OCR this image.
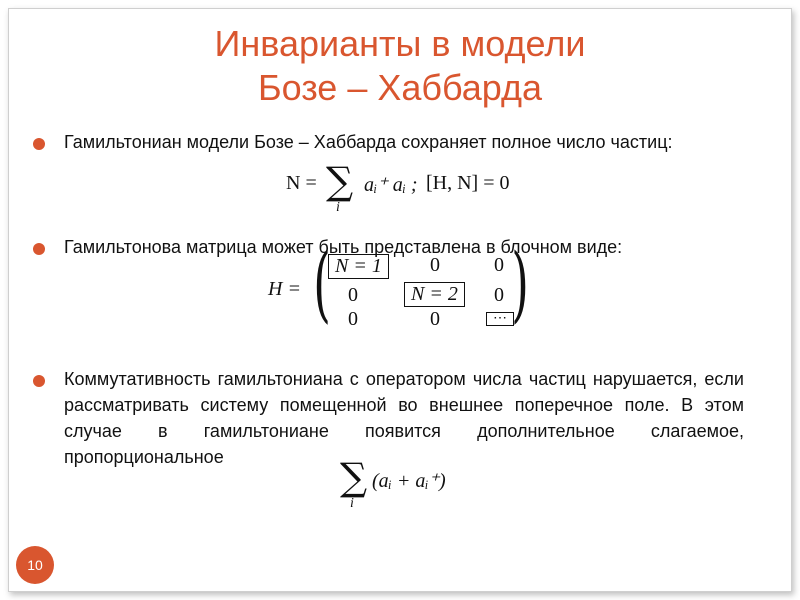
Инварианты в модели
Бозе – Хаббарда
Гамильтониан модели Бозе – Хаббарда сохраняет полное число частиц:
N = ∑
i
aᵢ⁺ aᵢ ; [H, N] = 0
Гамильтонова матрица может быть представлена в блочном виде:
H = ( )
N = 1	0	0
0	N = 2	0
0	0	⋯
Коммутативность гамильтониана с оператором числа частиц нарушается, если рассматривать систему помещенной во внешнее поперечное поле. В этом случае в гамильтониане появится дополнительное слагаемое, пропорциональное	∑
i
(aᵢ + aᵢ⁺)
10
